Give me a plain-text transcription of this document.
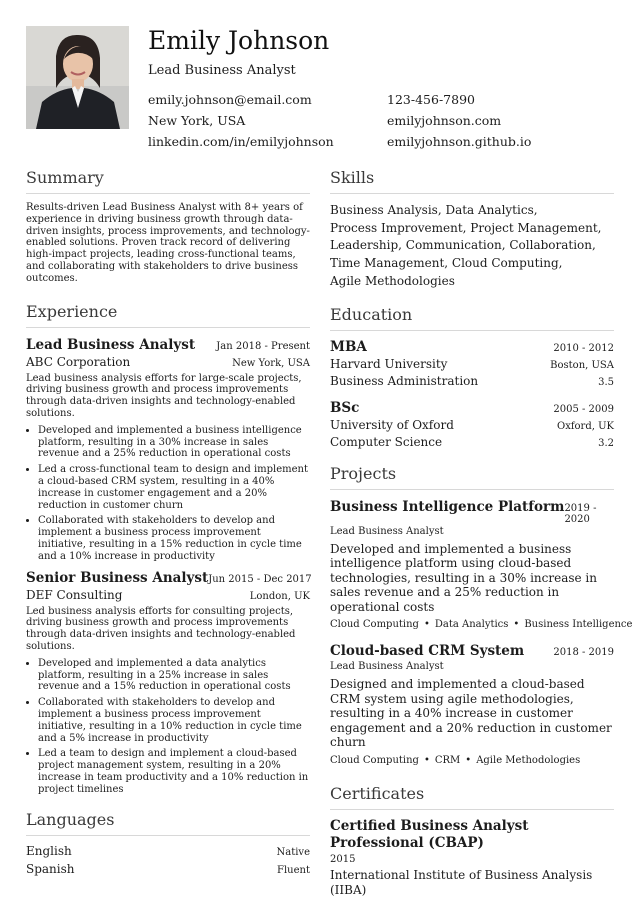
Emily Johnson
Lead Business Analyst
emily.johnson@email.com	123-456-7890
New York, USA	emilyjohnson.com
linkedin.com/in/emilyjohnson	emilyjohnson.github.io
Summary

Results-driven Lead Business Analyst with 8+ years of experience in driving business growth through data-driven insights, process improvements, and technology-enabled solutions. Proven track record of delivering high-impact projects, leading cross-functional teams, and collaborating with stakeholders to drive business outcomes.

Experience
Lead Business Analyst Jan 2018 - Present
ABC Corporation	New York, USA

Lead business analysis efforts for large-scale projects, driving business growth and process improvements through data-driven insights and technology-enabled solutions.

• Developed and implemented a business intelligence platform, resulting in a 30% increase in sales revenue and a 25% reduction in operational costs
• Led a cross-functional team to design and implement a cloud-based CRM system, resulting in a 40% increase in customer engagement and a 20% reduction in customer churn
• Collaborated with stakeholders to develop and implement a business process improvement initiative, resulting in a 15% reduction in cycle time and a 10% increase in productivity
Senior Business Analyst Jun 2015 - Dec 2017
DEF Consulting	London, UK

Led business analysis efforts for consulting projects, driving business growth and process improvements through data-driven insights and technology-enabled solutions.

• Developed and implemented a data analytics platform, resulting in a 25% increase in sales revenue and a 15% reduction in operational costs
• Collaborated with stakeholders to develop and implement a business process improvement initiative, resulting in a 10% reduction in cycle time and a 5% increase in productivity
• Led a team to design and implement a cloud-based project management system, resulting in a 20% increase in team productivity and a 10% reduction in project timelines
Languages
English	Native
Spanish	Fluent
Skills
Business Analysis, Data Analytics,
Process Improvement, Project Management,
Leadership, Communication, Collaboration,
Time Management, Cloud Computing,
Agile Methodologies
Education
MBA	2010 - 2012
Harvard University	Boston, USA
Business Administration	3.5
BSc	2005 - 2009
University of Oxford	Oxford, UK
Computer Science	3.2
Projects
Business Intelligence Platform 2019 - 2020
Lead Business Analyst

Developed and implemented a business intelligence platform using cloud-based technologies, resulting in a 30% increase in sales revenue and a 25% reduction in operational costs

Cloud Computing • Data Analytics • Business Intelligence
Cloud-based CRM System	2018 - 2019
Lead Business Analyst

Designed and implemented a cloud-based CRM system using agile methodologies, resulting in a 40% increase in customer engagement and a 20% reduction in customer churn

Cloud Computing • CRM • Agile Methodologies
Certificates
Certified Business Analyst Professional (CBAP)
2015
International Institute of Business Analysis (IIBA)
